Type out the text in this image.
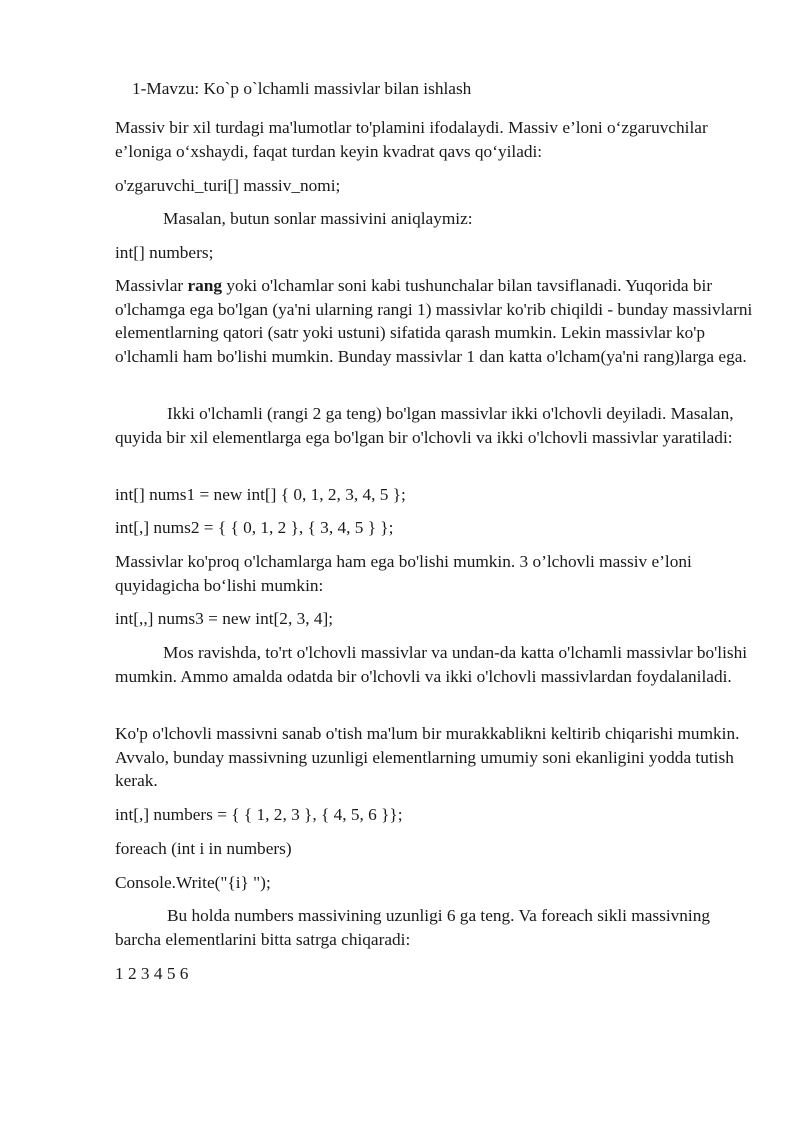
1-Mavzu: Ko`p o`lchamli massivlar bilan ishlash

Massiv bir xil turdagi ma'lumotlar to'plamini ifodalaydi. Massiv e’loni o‘zgaruvchilar e’loniga o‘xshaydi, faqat turdan keyin kvadrat qavs qo‘yiladi:

o'zgaruvchi_turi[] massiv_nomi;

Masalan, butun sonlar massivini aniqlaymiz:

int[] numbers;

Massivlar rang yoki o'lchamlar soni kabi tushunchalar bilan tavsiflanadi. Yuqorida bir o'lchamga ega bo'lgan (ya'ni ularning rangi 1) massivlar ko'rib chiqildi - bunday massivlarni elementlarning qatori (satr yoki ustuni) sifatida qarash mumkin. Lekin massivlar ko'p o'lchamli ham bo'lishi mumkin. Bunday massivlar 1 dan katta o'lcham(ya'ni rang)larga ega.

Ikki o'lchamli (rangi 2 ga teng) bo'lgan massivlar ikki o'lchovli deyiladi. Masalan, quyida bir xil elementlarga ega bo'lgan bir o'lchovli va ikki o'lchovli massivlar yaratiladi:

int[] nums1 = new int[] { 0, 1, 2, 3, 4, 5 };

int[,] nums2 = { { 0, 1, 2 }, { 3, 4, 5 } };

Massivlar ko'proq o'lchamlarga ham ega bo'lishi mumkin. 3 o’lchovli massiv e’loni quyidagicha bo‘lishi mumkin:

int[,,] nums3 = new int[2, 3, 4];

Mos ravishda, to'rt o'lchovli massivlar va undan-da katta o'lchamli massivlar bo'lishi mumkin. Ammo amalda odatda bir o'lchovli va ikki o'lchovli massivlardan foydalaniladi.

Ko'p o'lchovli massivni sanab o'tish ma'lum bir murakkablikni keltirib chiqarishi mumkin. Avvalo, bunday massivning uzunligi elementlarning umumiy soni ekanligini yodda tutish kerak.

int[,] numbers = { { 1, 2, 3 }, { 4, 5, 6 }};

foreach (int i in numbers)

Console.Write("{i} ");

Bu holda numbers massivining uzunligi 6 ga teng. Va foreach sikli massivning barcha elementlarini bitta satrga chiqaradi:

1 2 3 4 5 6
